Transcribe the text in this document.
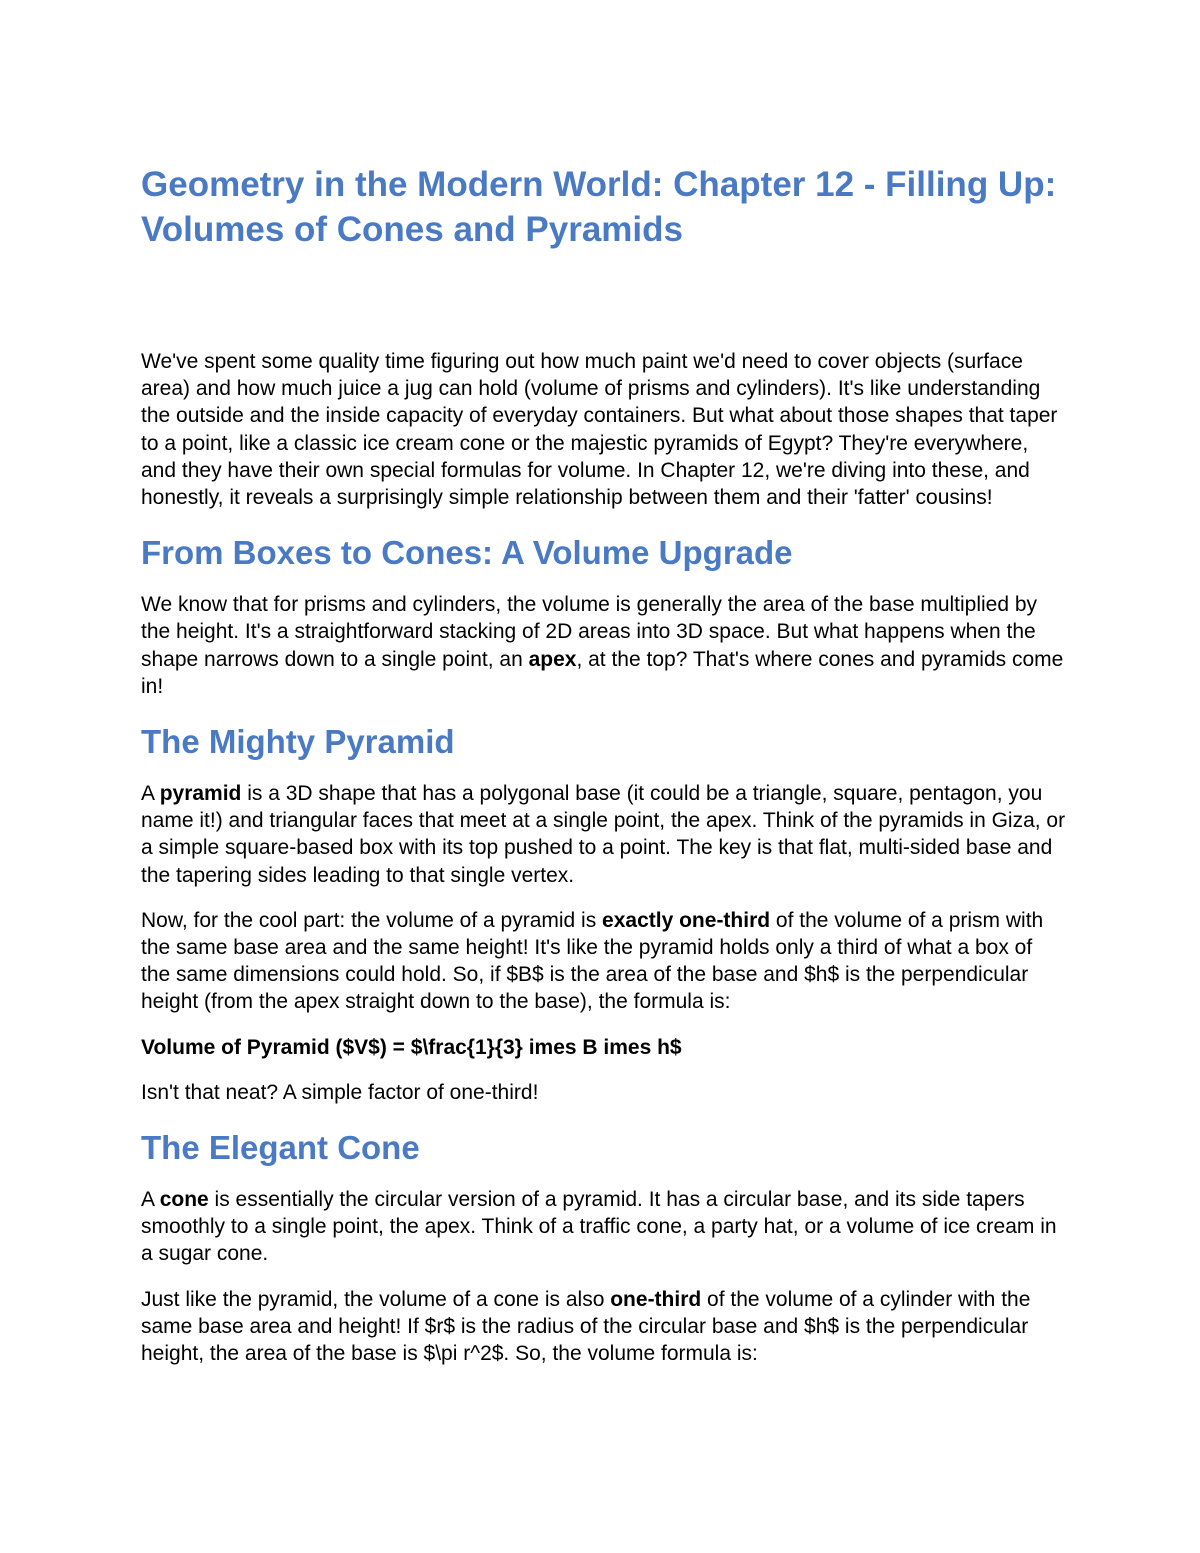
Geometry in the Modern World: Chapter 12 - Filling Up: Volumes of Cones and Pyramids

We've spent some quality time figuring out how much paint we'd need to cover objects (surface area) and how much juice a jug can hold (volume of prisms and cylinders). It's like understanding the outside and the inside capacity of everyday containers. But what about those shapes that taper to a point, like a classic ice cream cone or the majestic pyramids of Egypt? They're everywhere, and they have their own special formulas for volume. In Chapter 12, we're diving into these, and honestly, it reveals a surprisingly simple relationship between them and their 'fatter' cousins!

From Boxes to Cones: A Volume Upgrade

We know that for prisms and cylinders, the volume is generally the area of the base multiplied by the height. It's a straightforward stacking of 2D areas into 3D space. But what happens when the shape narrows down to a single point, an apex, at the top? That's where cones and pyramids come in!

The Mighty Pyramid

A pyramid is a 3D shape that has a polygonal base (it could be a triangle, square, pentagon, you name it!) and triangular faces that meet at a single point, the apex. Think of the pyramids in Giza, or a simple square-based box with its top pushed to a point. The key is that flat, multi-sided base and the tapering sides leading to that single vertex.

Now, for the cool part: the volume of a pyramid is exactly one-third of the volume of a prism with the same base area and the same height! It's like the pyramid holds only a third of what a box of the same dimensions could hold. So, if $B$ is the area of the base and $h$ is the perpendicular height (from the apex straight down to the base), the formula is:

Volume of Pyramid ($V$) = $\frac{1}{3} imes B imes h$

Isn't that neat? A simple factor of one-third!

The Elegant Cone

A cone is essentially the circular version of a pyramid. It has a circular base, and its side tapers smoothly to a single point, the apex. Think of a traffic cone, a party hat, or a volume of ice cream in a sugar cone.

Just like the pyramid, the volume of a cone is also one-third of the volume of a cylinder with the same base area and height! If $r$ is the radius of the circular base and $h$ is the perpendicular height, the area of the base is $\pi r^2$. So, the volume formula is:
